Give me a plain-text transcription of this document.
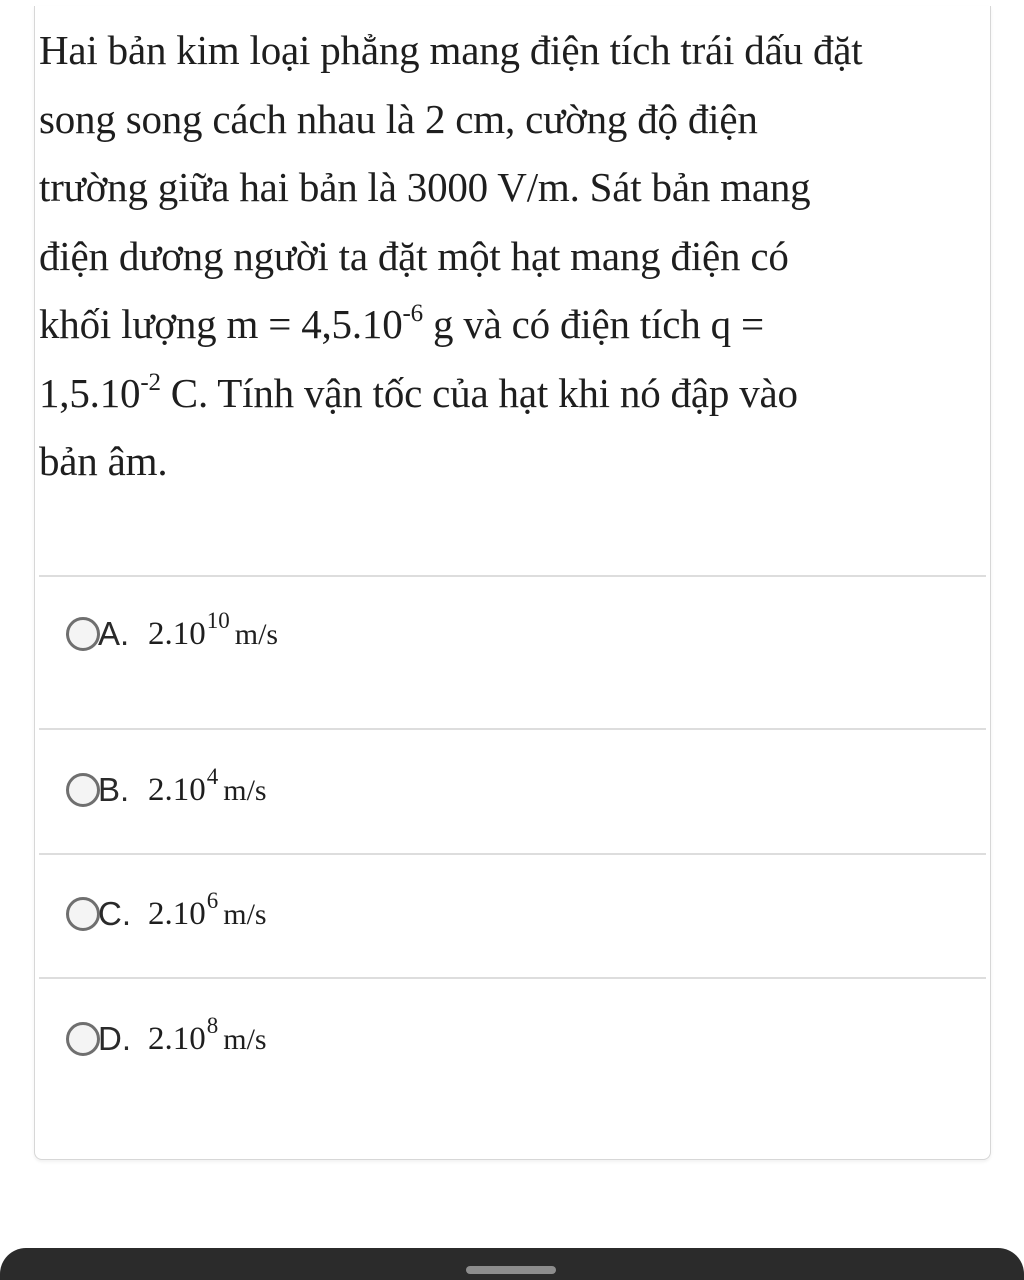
Hai bản kim loại phẳng mang điện tích trái dấu đặt
song song cách nhau là 2 cm, cường độ điện
trường giữa hai bản là 3000 V/m. Sát bản mang
điện dương người ta đặt một hạt mang điện có
khối lượng $m = 4,5.10^{-6}$ g và có điện tích q =
$1,5.10^{-2}$ C. Tính vận tốc của hạt khi nó đập vào
bản âm.
A. 2.10$^{10}$ m/s
B. 2.10$^4$ m/s
C. 2.10$^6$ m/s
D. 2.10$^8$ m/s
